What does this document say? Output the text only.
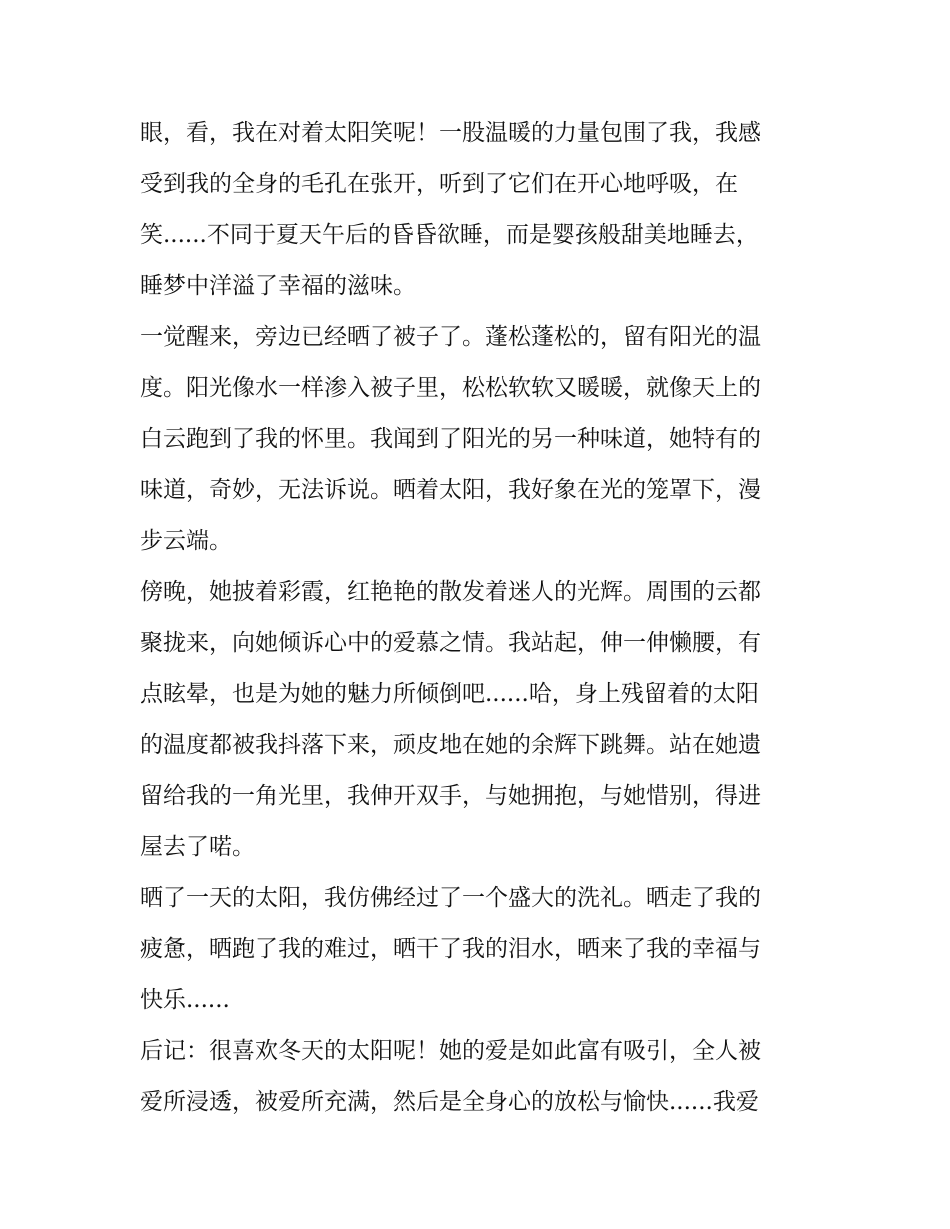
眼，看，我在对着太阳笑呢！一股温暖的力量包围了我，我感
受到我的全身的毛孔在张开，听到了它们在开心地呼吸，在
笑......不同于夏天午后的昏昏欲睡，而是婴孩般甜美地睡去，
睡梦中洋溢了幸福的滋味。
一觉醒来，旁边已经晒了被子了。蓬松蓬松的，留有阳光的温
度。阳光像水一样渗入被子里，松松软软又暖暖，就像天上的
白云跑到了我的怀里。我闻到了阳光的另一种味道，她特有的
味道，奇妙，无法诉说。晒着太阳，我好象在光的笼罩下，漫
步云端。
傍晚，她披着彩霞，红艳艳的散发着迷人的光辉。周围的云都
聚拢来，向她倾诉心中的爱慕之情。我站起，伸一伸懒腰，有
点眩晕，也是为她的魅力所倾倒吧......哈，身上残留着的太阳
的温度都被我抖落下来，顽皮地在她的余辉下跳舞。站在她遗
留给我的一角光里，我伸开双手，与她拥抱，与她惜别，得进
屋去了喏。
晒了一天的太阳，我仿佛经过了一个盛大的洗礼。晒走了我的
疲惫，晒跑了我的难过，晒干了我的泪水，晒来了我的幸福与
快乐......
后记：很喜欢冬天的太阳呢！她的爱是如此富有吸引，全人被
爱所浸透，被爱所充满，然后是全身心的放松与愉快......我爱
